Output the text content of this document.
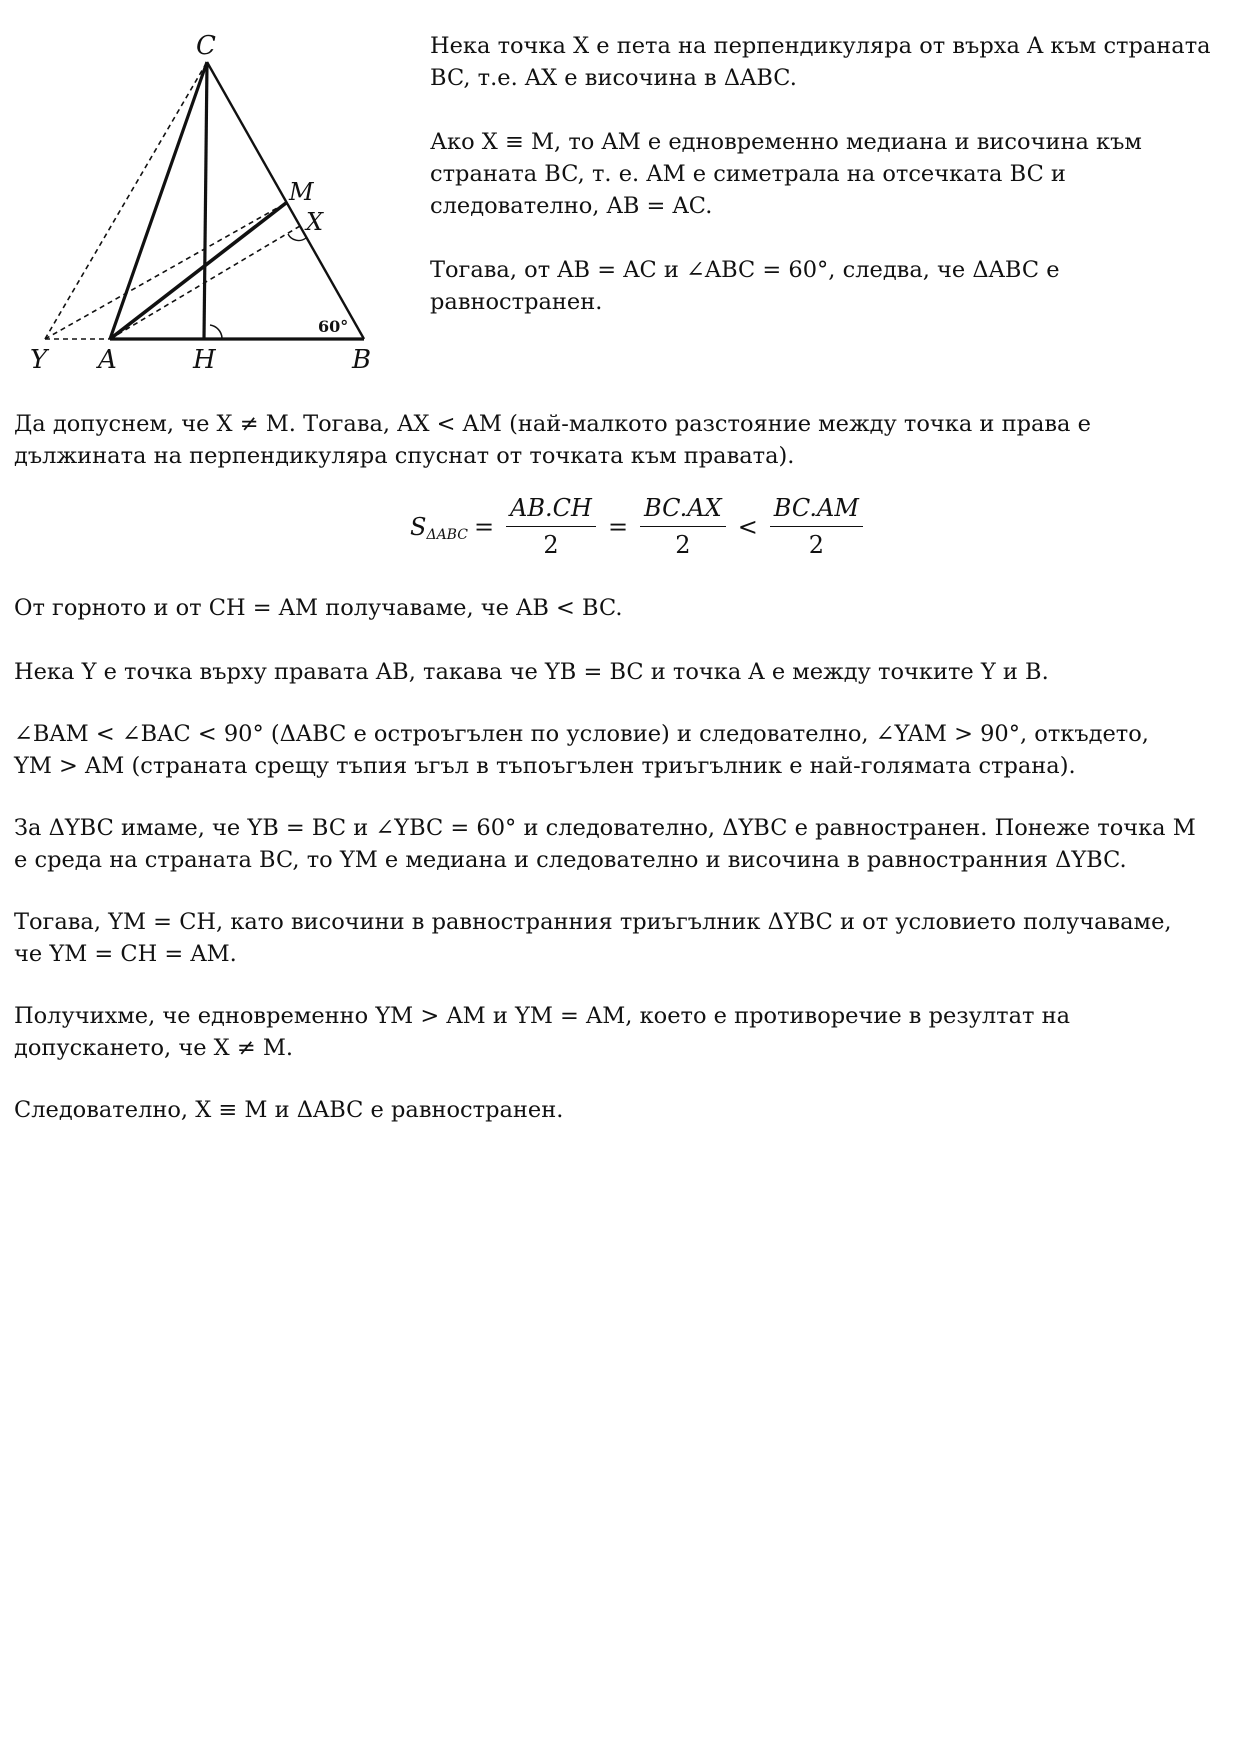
C
M
X
Y A	H	B
60°

Нека точка X е пета на перпендикуляра от върха A към страната
BC, т.е. AX е височина в ΔABC.

Ако X ≡ M, то AM е едновременно медиана и височина към
страната BC, т. е. AM е симетрала на отсечката BC и
следователно, AB = AC.

Тогава, от AB = AC и ∠ABC = 60°, следва, че ΔABC е
равностранен.

Да допуснем, че X ≠ M. Тогава, AX < AM (най-малкото разстояние между точка и права е
дължината на перпендикуляра спуснат от точката към правата).

S $\Delta ABC = \frac{AB.CH}{2} = \frac{BC.AX}{2} < \frac{BC.AM}{2}$

От горното и от CH = AM получаваме, че AB < BC.

Нека Y е точка върху правата AB, такава че YB = BC и точка A е между точките Y и B.

∠BAM < ∠BAC < 90° (ΔABC е остроъгълен по условие) и следователно, ∠YAM > 90°, откъдето,
YM > AM (страната срещу тъпия ъгъл в тъпоъгълен триъгълник е най-голямата страна).

За ΔYBC имаме, че YB = BC и ∠YBC = 60° и следователно, ΔYBC е равностранен. Понеже точка M
е среда на страната BC, то YM е медиана и следователно и височина в равностранния ΔYBC.

Тогава, YM = CH, като височини в равностранния триъгълник ΔYBC и от условието получаваме,
че YM = CH = AM.

Получихме, че едновременно YM > AM и YM = AM, което е противоречие в резултат на
допускането, че X ≠ M.

Следователно, X ≡ M и ΔABC е равностранен.
